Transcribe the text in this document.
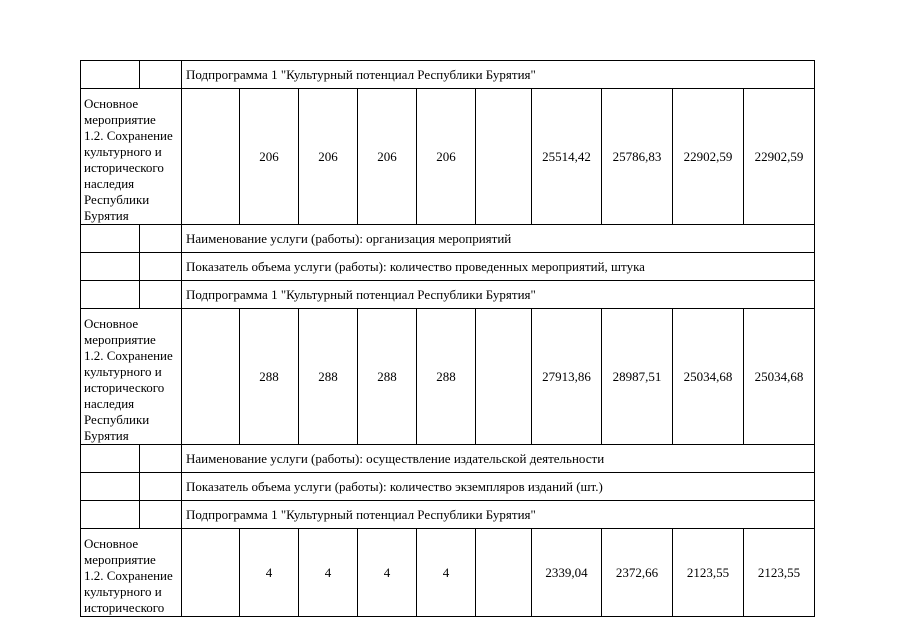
		Подпрограмма 1 "Культурный потенциал Республики Бурятия"									
Основное мероприятие 1.2. Сохранение культурного и историчecкого наследия Республики Бурятия			206	206	206	206		25514,42	25786,83	22902,59	22902,59
		Наименование услуги (работы): организация мероприятий									
		Показатель объема услуги (работы): количество проведенных мероприятий, штука									
		Подпрограмма 1 "Культурный потенциал Республики Бурятия"									
Основное мероприятие 1.2. Сохранение культурного и исторического наследия Республики Бурятия			288	288	288	288		27913,86	28987,51	25034,68	25034,68
		Наименование услуги (работы): осуществление издательской деятельности									
		Показатель объема услуги (работы): количество экземпляров изданий (шт.)									
		Подпрограмма 1 "Культурный потенциал Республики Бурятия"									
Основное мероприятие 1.2. Сохранение культурного и исторического			4	4	4	4		2339,04	2372,66	2123,55	2123,55
